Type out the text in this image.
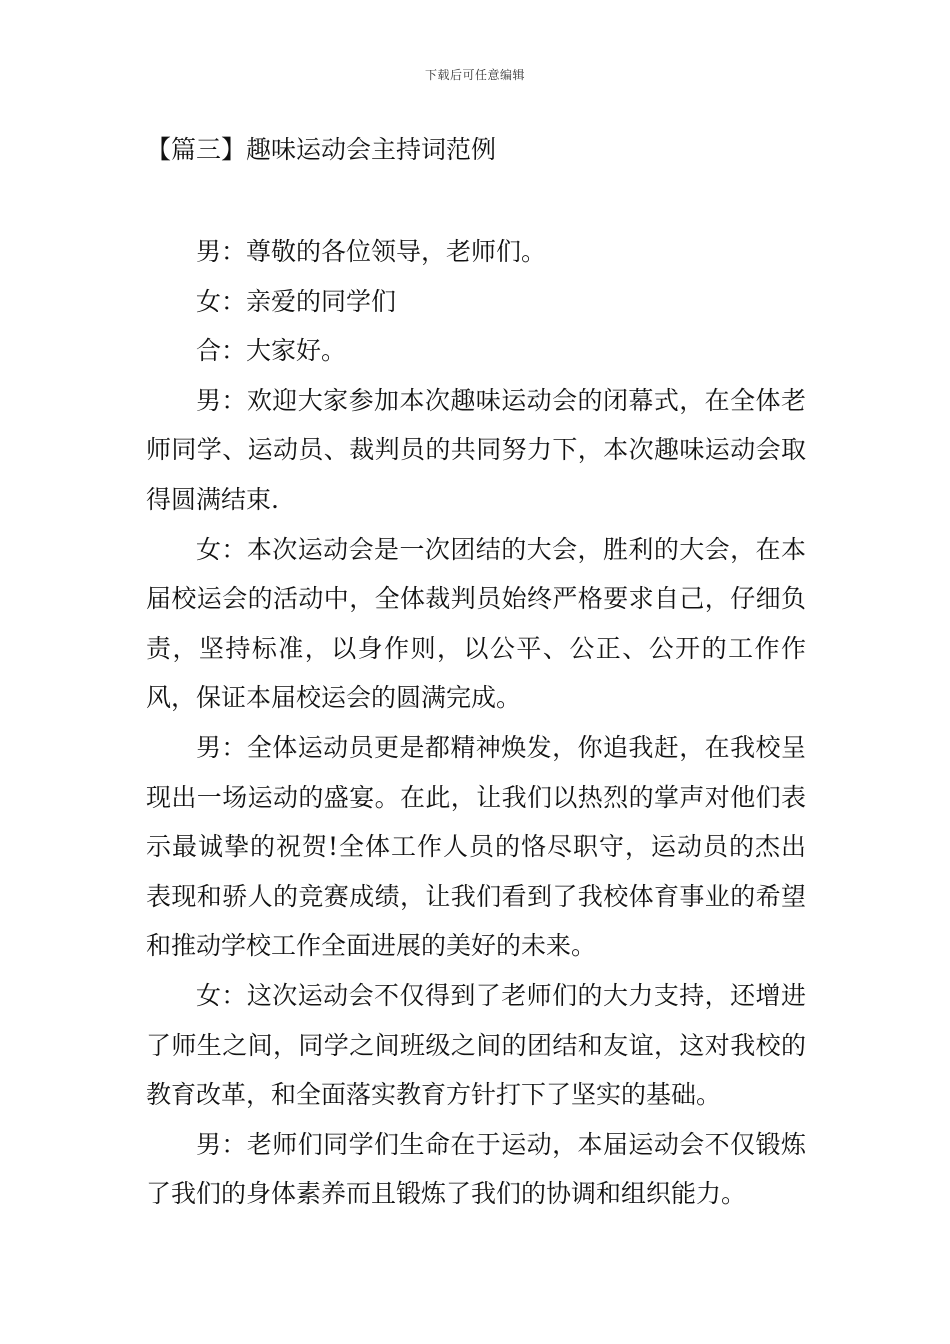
下载后可任意编辑
【篇三】趣味运动会主持词范例

男：尊敬的各位领导，老师们。

女：亲爱的同学们

合：大家好。

男：欢迎大家参加本次趣味运动会的闭幕式，在全体老师同学、运动员、裁判员的共同努力下，本次趣味运动会取得圆满结束.

女：本次运动会是一次团结的大会，胜利的大会，在本届校运会的活动中，全体裁判员始终严格要求自己，仔细负责，坚持标准，以身作则，以公平、公正、公开的工作作风，保证本届校运会的圆满完成。

男：全体运动员更是都精神焕发，你追我赶，在我校呈现出一场运动的盛宴。在此，让我们以热烈的掌声对他们表示最诚挚的祝贺!全体工作人员的恪尽职守，运动员的杰出表现和骄人的竞赛成绩，让我们看到了我校体育事业的希望和推动学校工作全面进展的美好的未来。

女：这次运动会不仅得到了老师们的大力支持，还增进了师生之间，同学之间班级之间的团结和友谊，这对我校的教育改革，和全面落实教育方针打下了坚实的基础。

男：老师们同学们生命在于运动，本届运动会不仅锻炼了我们的身体素养而且锻炼了我们的协调和组织能力。
